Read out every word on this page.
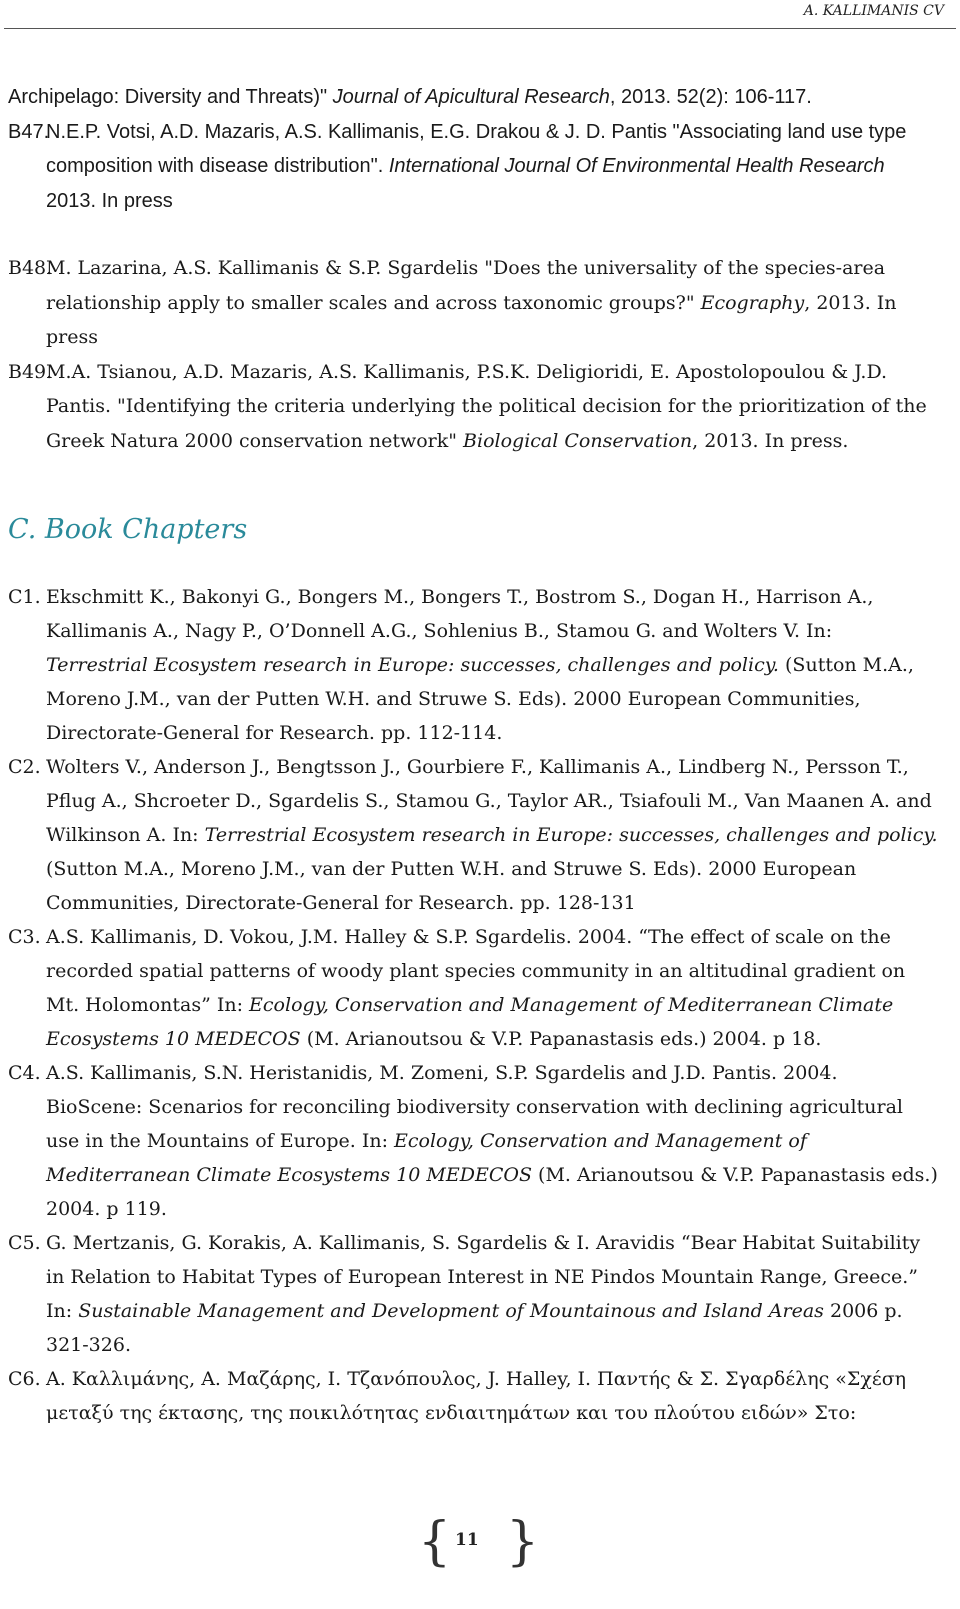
A. KALLIMANIS CV
Archipelago: Diversity and Threats)" Journal of Apicultural Research, 2013. 52(2): 106-117.
B47.N.E.P. Votsi, A.D. Mazaris, A.S. Kallimanis, E.G. Drakou & J. D. Pantis "Associating land use type composition with disease distribution". International Journal Of Environmental Health Research 2013. In press
B48.M. Lazarina, A.S. Kallimanis & S.P. Sgardelis "Does the universality of the species-area relationship apply to smaller scales and across taxonomic groups?" Ecography, 2013. In press
B49.M.A. Tsianou, A.D. Mazaris, A.S. Kallimanis, P.S.K. Deligioridi, E. Apostolopoulou & J.D. Pantis. "Identifying the criteria underlying the political decision for the prioritization of the Greek Natura 2000 conservation network" Biological Conservation, 2013. In press.
C. Book Chapters
C1. Ekschmitt K., Bakonyi G., Bongers M., Bongers T., Bostrom S., Dogan H., Harrison A., Kallimanis A., Nagy P., O’Donnell A.G., Sohlenius B., Stamou G. and Wolters V. In: Terrestrial Ecosystem research in Europe: successes, challenges and policy. (Sutton M.A., Moreno J.M., van der Putten W.H. and Struwe S. Eds). 2000 European Communities, Directorate-General for Research. pp. 112-114.
C2. Wolters V., Anderson J., Bengtsson J., Gourbiere F., Kallimanis A., Lindberg N., Persson T., Pflug A., Shcroeter D., Sgardelis S., Stamou G., Taylor AR., Tsiafouli M., Van Maanen A. and Wilkinson A. In: Terrestrial Ecosystem research in Europe: successes, challenges and policy. (Sutton M.A., Moreno J.M., van der Putten W.H. and Struwe S. Eds). 2000 European Communities, Directorate-General for Research. pp. 128-131
C3. A.S. Kallimanis, D. Vokou, J.M. Halley & S.P. Sgardelis. 2004. “The effect of scale on the recorded spatial patterns of woody plant species community in an altitudinal gradient on Mt. Holomontas” In: Ecology, Conservation and Management of Mediterranean Climate Ecosystems 10 MEDECOS (M. Arianoutsou & V.P. Papanastasis eds.) 2004. p 18.
C4. A.S. Kallimanis, S.N. Heristanidis, M. Zomeni, S.P. Sgardelis and J.D. Pantis. 2004. BioScene: Scenarios for reconciling biodiversity conservation with declining agricultural use in the Mountains of Europe. In: Ecology, Conservation and Management of Mediterranean Climate Ecosystems 10 MEDECOS (M. Arianoutsou & V.P. Papanastasis eds.) 2004. p 119.
C5. G. Mertzanis, G. Korakis, A. Kallimanis, S. Sgardelis & I. Aravidis “Bear Habitat Suitability in Relation to Habitat Types of European Interest in NE Pindos Mountain Range, Greece.” In: Sustainable Management and Development of Mountainous and Island Areas 2006 p. 321-326.
C6. Α. Καλλιμάνης, Α. Μαζάρης, Ι. Τζανόπουλος, J. Halley, Ι. Παντής & Σ. Σγαρδέλης «Σχέση μεταξύ της έκτασης, της ποικιλότητας ενδιαιτημάτων και του πλούτου ειδών» Στο:
{ 11 }
